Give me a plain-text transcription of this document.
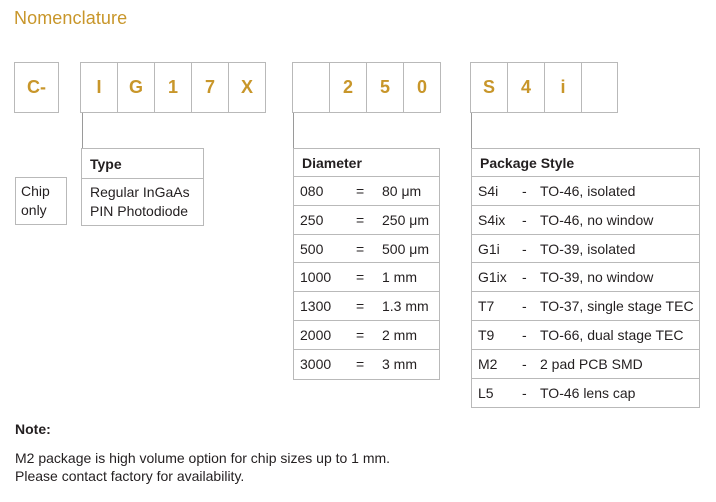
Nomenclature
C-	I	G	1	7	X	2	5	0	S	4	i
Chip
only
Type
Regular InGaAs
PIN Photodiode
Diameter
080 = 80 μm
250 = 250 μm
500 = 500 μm
1000 = 1 mm
1300 = 1.3 mm
2000 = 2 mm
3000 = 3 mm
Package Style
S4i - TO-46, isolated
S4ix - TO-46, no window
G1i - TO-39, isolated
G1ix - TO-39, no window
T7 - TO-37, single stage TEC
T9 - TO-66, dual stage TEC
M2 - 2 pad PCB SMD
L5 - TO-46 lens cap
Note:
M2 package is high volume option for chip sizes up to 1 mm.
Please contact factory for availability.
